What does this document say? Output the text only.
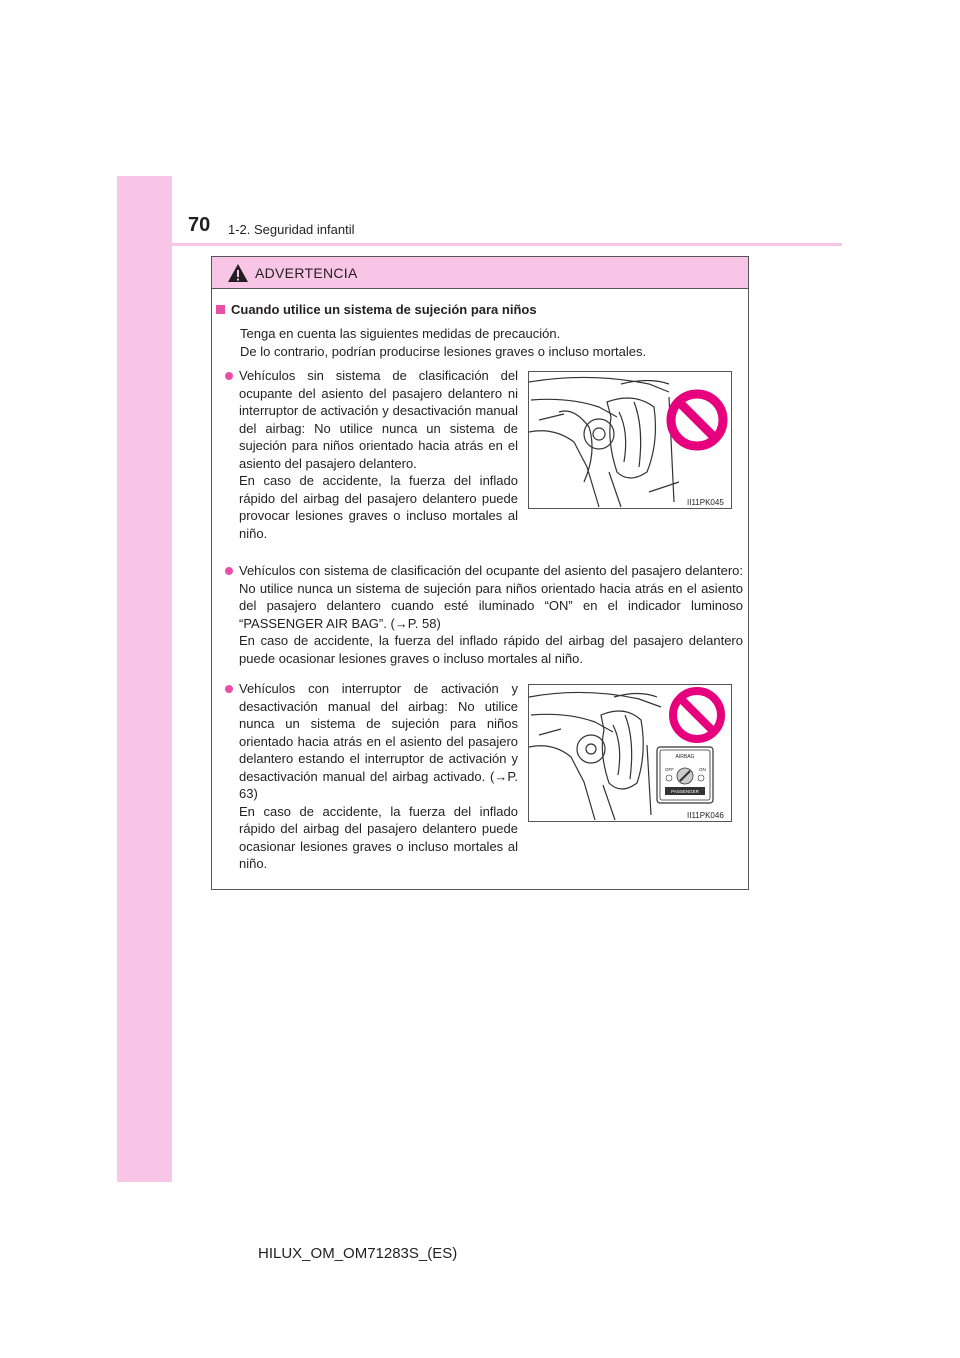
70 1-2. Seguridad infantil
ADVERTENCIA
Cuando utilice un sistema de sujeción para niños
Tenga en cuenta las siguientes medidas de precaución.
De lo contrario, podrían producirse lesiones graves o incluso mortales.
Vehículos sin sistema de clasificación del ocupante del asiento del pasajero delantero ni interruptor de activación y desactivación manual del airbag: No utilice nunca un sistema de sujeción para niños orientado hacia atrás en el asiento del pasajero delantero.
En caso de accidente, la fuerza del inflado rápido del airbag del pasajero delantero puede provocar lesiones graves o incluso mortales al niño.
II11PK045
Vehículos con sistema de clasificación del ocupante del asiento del pasajero delantero: No utilice nunca un sistema de sujeción para niños orientado hacia atrás en el asiento del pasajero delantero cuando esté iluminado “ON” en el indicador luminoso “PASSENGER AIR BAG”. (→P. 58)
En caso de accidente, la fuerza del inflado rápido del airbag del pasajero delantero puede ocasionar lesiones graves o incluso mortales al niño.
Vehículos con interruptor de activación y desactivación manual del airbag: No utilice nunca un sistema de sujeción para niños orientado hacia atrás en el asiento del pasajero delantero estando el interruptor de activación y desactivación manual del airbag activado. (→P. 63)
En caso de accidente, la fuerza del inflado rápido del airbag del pasajero delantero puede ocasionar lesiones graves o incluso mortales al niño.
AIRBAG
OFF	ON
PASSENGER
II11PK046
HILUX_OM_OM71283S_(ES)
